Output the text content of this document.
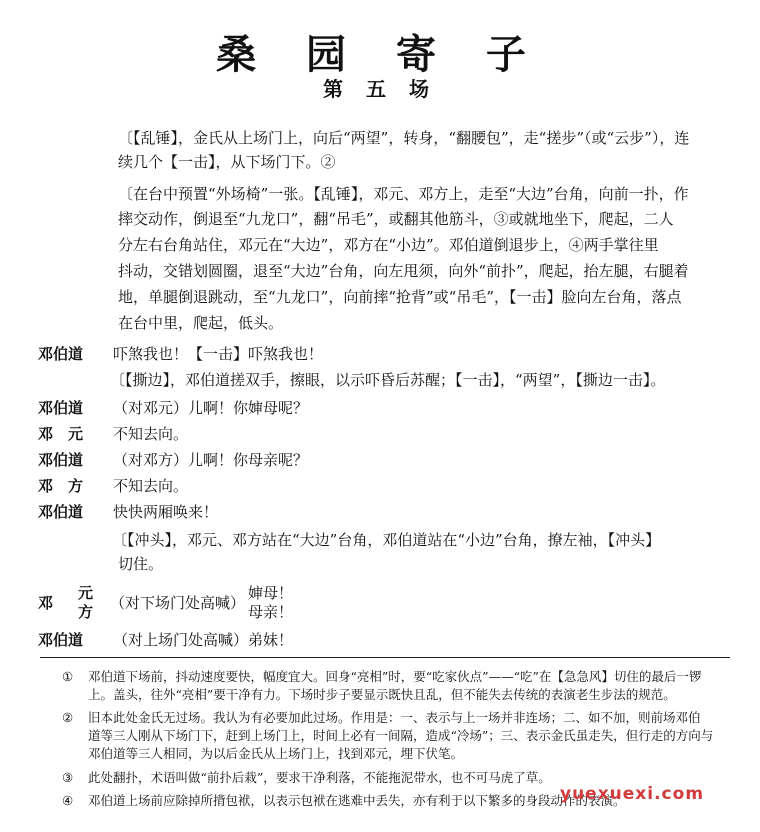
桑 园 寄 子
第 五 场
〔【乱锤】，金氏从上场门上，向后“两望”，转身，“翻腰包”，走“搓步”（或“云步”），连
续几个【一击】，从下场门下。②
〔在台中预置“外场椅”一张。【乱锤】，邓元、邓方上，走至“大边”台角，向前一扑，作
摔交动作，倒退至“九龙口”，翻“吊毛”，或翻其他筋斗，③或就地坐下，爬起，二人
分左右台角站住，邓元在“大边”，邓方在“小边”。邓伯道倒退步上，④两手掌往里
抖动，交错划圆圈，退至“大边”台角，向左甩须，向外“前扑”，爬起，抬左腿，右腿着
地，单腿倒退跳动，至“九龙口”，向前摔“抢背”或“吊毛”，【一击】脸向左台角，落点
在台中里，爬起，低头。
邓伯道 吓煞我也！【一击】吓煞我也！
〔【撕边】，邓伯道搓双手，擦眼，以示吓昏后苏醒；【一击】，“两望”，【撕边一击】。
邓伯道 （对邓元）儿啊！你婶母呢？
邓　元 不知去向。
邓伯道 （对邓方）儿啊！你母亲呢？
邓　方 不知去向。
邓伯道 快快两厢唤来！
〔【冲头】，邓元、邓方站在“大边”台角，邓伯道站在“小边”台角，撩左袖，【冲头】
切住。
邓
元
方 （对下场门处高喊）
婶母！
母亲！
邓伯道 （对上场门处高喊）弟妹！
① 邓伯道下场前，抖动速度要快，幅度宜大。回身“亮相”时，要“吃家伙点”——“吃”在【急急风】切住的最后一锣
上。盖头，往外“亮相”要干净有力。下场时步子要显示既快且乱，但不能失去传统的表演老生步法的规范。
② 旧本此处金氏无过场。我认为有必要加此过场。作用是：一、表示与上一场并非连场；二、如不加，则前场邓伯
道等三人刚从下场门下，赶到上场门上，时间上必有一间隔，造成“冷场”；三、表示金氏虽走失，但行走的方向与
邓伯道等三人相同，为以后金氏从上场门上，找到邓元，埋下伏笔。
③ 此处翻扑，术语叫做“前扑后栽”，要求干净利落，不能拖泥带水，也不可马虎了草。
④ 邓伯道上场前应除掉所揹包袱，以表示包袱在逃难中丢失，亦有利于以下繁多的身段动作的表演。
yuexuexi.com
